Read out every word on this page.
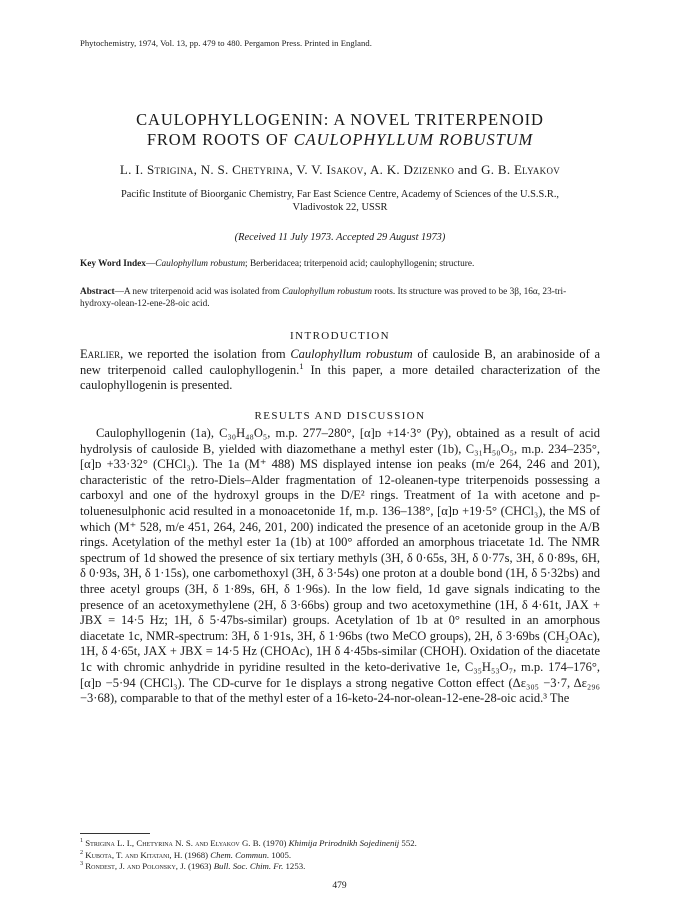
Phytochemistry, 1974, Vol. 13, pp. 479 to 480. Pergamon Press. Printed in England.
CAULOPHYLLOGENIN: A NOVEL TRITERPENOID
FROM ROOTS OF CAULOPHYLLUM ROBUSTUM
L. I. Strigina, N. S. Chetyrina, V. V. Isakov, A. K. Dzizenko and G. B. Elyakov
Pacific Institute of Bioorganic Chemistry, Far East Science Centre, Academy of Sciences of the U.S.S.R.,
Vladivostok 22, USSR
(Received 11 July 1973. Accepted 29 August 1973)
Key Word Index—Caulophyllum robustum; Berberidacea; triterpenoid acid; caulophyllogenin; structure.
Abstract—A new triterpenoid acid was isolated from Caulophyllum robustum roots. Its structure was proved to be 3β, 16α, 23-tri-hydroxy-olean-12-ene-28-oic acid.
INTRODUCTION

Earlier, we reported the isolation from Caulophyllum robustum of cauloside B, an arabinoside of a new triterpenoid called caulophyllogenin.$^1$ In this paper, a more detailed characterization of the caulophyllogenin is presented.

RESULTS AND DISCUSSION

Caulophyllogenin (1a), C₃₀H₄₈O₅, m.p. 277–280°, [α]ᴅ +14·3° (Py), obtained as a result of acid hydrolysis of cauloside B, yielded with diazomethane a methyl ester (1b), C₃₁H₅₀O₅, m.p. 234–235°, [α]ᴅ +33·32° (CHCl₃). The 1a (M⁺ 488) MS displayed intense ion peaks (m/e 264, 246 and 201), characteristic of the retro-Diels–Alder fragmentation of 12-oleanen-type triterpenoids possessing a carboxyl and one of the hydroxyl groups in the D/E² rings. Treatment of 1a with acetone and p-toluenesulphonic acid resulted in a monoacetonide 1f, m.p. 136–138°, [α]ᴅ +19·5° (CHCl₃), the MS of which (M⁺ 528, m/e 451, 264, 246, 201, 200) indicated the presence of an acetonide group in the A/B rings. Acetylation of the methyl ester 1a (1b) at 100° afforded an amorphous triacetate 1d. The NMR spectrum of 1d showed the presence of six tertiary methyls (3H, δ 0·65s, 3H, δ 0·77s, 3H, δ 0·89s, 6H, δ 0·93s, 3H, δ 1·15s), one carbomethoxyl (3H, δ 3·54s) one proton at a double bond (1H, δ 5·32bs) and three acetyl groups (3H, δ 1·89s, 6H, δ 1·96s). In the low field, 1d gave signals indicating to the presence of an acetoxymethylene (2H, δ 3·66bs) group and two acetoxymethine (1H, δ 4·61t, JAX + JBX = 14·5 Hz; 1H, δ 5·47bs-similar) groups. Acetylation of 1b at 0° resulted in an amorphous diacetate 1c, NMR-spectrum: 3H, δ 1·91s, 3H, δ 1·96bs (two MeCO groups), 2H, δ 3·69bs (CH₂OAc), 1H, δ 4·65t, JAX + JBX = 14·5 Hz (CHOAc), 1H δ 4·45bs-similar (CHOH). Oxidation of the diacetate 1c with chromic anhydride in pyridine resulted in the keto-derivative 1e, C₃₅H₅₃O₇, m.p. 174–176°, [α]ᴅ −5·94 (CHCl₃). The CD-curve for 1e displays a strong negative Cotton effect (Δε₃₀₅ −3·7, Δε₂₉₆ −3·68), comparable to that of the methyl ester of a 16-keto-24-nor-olean-12-ene-28-oic acid.³ The

$^1$ Strigina L. I., Chetyrina N. S. and Elyakov G. B. (1970) Khimija Prirodnikh Sojedinenij 552.
$^2$ Kubota, T. and Kitatani, H. (1968) Chem. Commun. 1005.
$^3$ Rondest, J. and Polonsky, J. (1963) Bull. Soc. Chim. Fr. 1253.
479
